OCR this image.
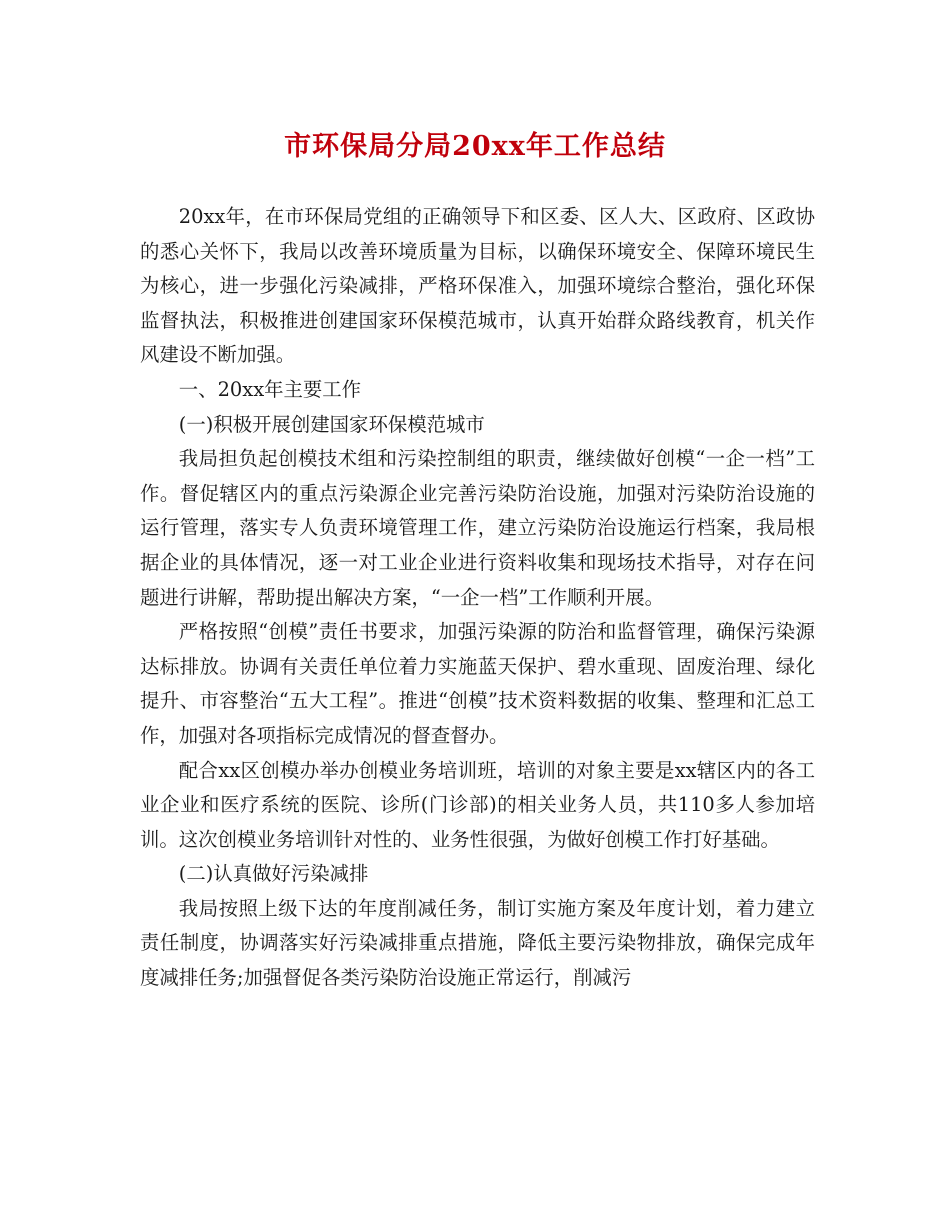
市环保局分局20xx年工作总结

20xx年，在市环保局党组的正确领导下和区委、区人大、区政府、区政协的悉心关怀下，我局以改善环境质量为目标，以确保环境安全、保障环境民生为核心，进一步强化污染减排，严格环保准入，加强环境综合整治，强化环保监督执法，积极推进创建国家环保模范城市，认真开始群众路线教育，机关作风建设不断加强。

一、20xx年主要工作

(一)积极开展创建国家环保模范城市

我局担负起创模技术组和污染控制组的职责，继续做好创模“一企一档”工作。督促辖区内的重点污染源企业完善污染防治设施，加强对污染防治设施的运行管理，落实专人负责环境管理工作，建立污染防治设施运行档案，我局根据企业的具体情况，逐一对工业企业进行资料收集和现场技术指导，对存在问题进行讲解，帮助提出解决方案，“一企一档”工作顺利开展。

严格按照“创模”责任书要求，加强污染源的防治和监督管理，确保污染源达标排放。协调有关责任单位着力实施蓝天保护、碧水重现、固废治理、绿化提升、市容整治“五大工程”。推进“创模”技术资料数据的收集、整理和汇总工作，加强对各项指标完成情况的督查督办。

配合xx区创模办举办创模业务培训班，培训的对象主要是xx辖区内的各工业企业和医疗系统的医院、诊所(门诊部)的相关业务人员，共110多人参加培训。这次创模业务培训针对性的、业务性很强，为做好创模工作打好基础。

(二)认真做好污染减排

我局按照上级下达的年度削减任务，制订实施方案及年度计划，着力建立责任制度，协调落实好污染减排重点措施，降低主要污染物排放，确保完成年度减排任务;加强督促各类污染防治设施正常运行，削减污
